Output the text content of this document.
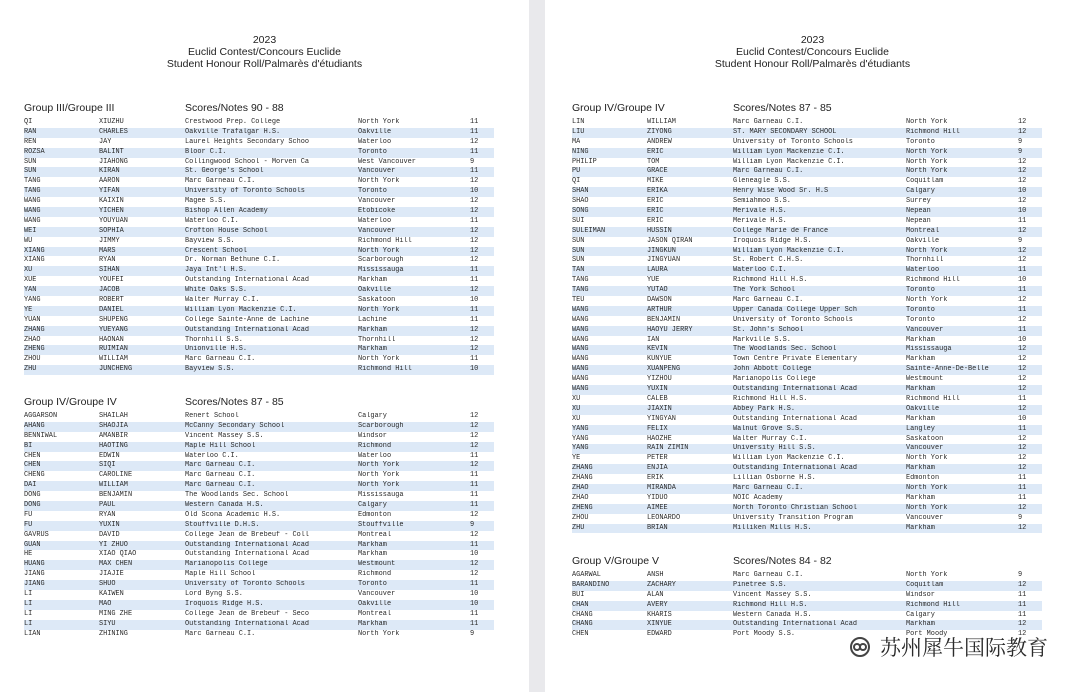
2023
Euclid Contest/Concours Euclide
Student Honour Roll/Palmarès d'étudiants
Group III/Groupe III	Scores/Notes 90 - 88
QI	XIUZHU	Crestwood Prep. College	North York	11
RAN	CHARLES	Oakville Trafalgar H.S.	Oakville	11
REN	JAY	Laurel Heights Secondary Schoo	Waterloo	12
ROZSA	BALINT	Bloor C.I.	Toronto	11
SUN	JIAHONG	Collingwood School - Morven Ca	West Vancouver	9
SUN	KIRAN	St. George's School	Vancouver	11
TANG	AARON	Marc Garneau C.I.	North York	12
TANG	YIFAN	University of Toronto Schools	Toronto	10
WANG	KAIXIN	Magee S.S.	Vancouver	12
WANG	YICHEN	Bishop Allen Academy	Etobicoke	12
WANG	YOUYUAN	Waterloo C.I.	Waterloo	11
WEI	SOPHIA	Crofton House School	Vancouver	12
WU	JIMMY	Bayview S.S.	Richmond Hill	12
XIANG	MARS	Crescent School	North York	12
XIANG	RYAN	Dr. Norman Bethune C.I.	Scarborough	12
XU	SIHAN	Jaya Int'l H.S.	Mississauga	11
XUE	YOUFEI	Outstanding International Acad	Markham	11
YAN	JACOB	White Oaks S.S.	Oakville	12
YANG	ROBERT	Walter Murray C.I.	Saskatoon	10
YE	DANIEL	William Lyon Mackenzie C.I.	North York	11
YUAN	SHUPENG	College Sainte-Anne de Lachine	Lachine	11
ZHANG	YUEYANG	Outstanding International Acad	Markham	12
ZHAO	HAONAN	Thornhill S.S.	Thornhill	12
ZHENG	RUIMIAN	Unionville H.S.	Markham	12
ZHOU	WILLIAM	Marc Garneau C.I.	North York	11
ZHU	JUNCHENG	Bayview S.S.	Richmond Hill	10
Group IV/Groupe IV	Scores/Notes 87 - 85
AGGARSON	SHAILAH	Renert School	Calgary	12
AHANG	SHAOJIA	McCanny Secondary School	Scarborough	12
BENNIWAL	AMANBIR	Vincent Massey S.S.	Windsor	12
BI	HAOTING	Maple Hill School	Richmond	12
CHEN	EDWIN	Waterloo C.I.	Waterloo	11
CHEN	SIQI	Marc Garneau C.I.	North York	12
CHENG	CAROLINE	Marc Garneau C.I.	North York	11
DAI	WILLIAM	Marc Garneau C.I.	North York	11
DONG	BENJAMIN	The Woodlands Sec. School	Mississauga	11
DONG	PAUL	Western Canada H.S.	Calgary	11
FU	RYAN	Old Scona Academic H.S.	Edmonton	12
FU	YUXIN	Stouffville D.H.S.	Stouffville	9
GAVRUS	DAVID	College Jean de Brebeuf - Coll	Montreal	12
GUAN	YI ZHUO	Outstanding International Acad	Markham	11
HE	XIAO QIAO	Outstanding International Acad	Markham	10
HUANG	MAX CHEN	Marianopolis College	Westmount	12
JIANG	JIAJIE	Maple Hill School	Richmond	12
JIANG	SHUO	University of Toronto Schools	Toronto	11
LI	KAIWEN	Lord Byng S.S.	Vancouver	10
LI	MAO	Iroquois Ridge H.S.	Oakville	10
LI	MING ZHE	College Jean de Brebeuf - Seco	Montreal	11
LI	SIYU	Outstanding International Acad	Markham	11
LIAN	ZHINING	Marc Garneau C.I.	North York	9
2023
Euclid Contest/Concours Euclide
Student Honour Roll/Palmarès d'étudiants
Group IV/Groupe IV	Scores/Notes 87 - 85
LIN	WILLIAM	Marc Garneau C.I.	North York	12
LIU	ZIYONG	ST. MARY SECONDARY SCHOOL	Richmond Hill	12
MA	ANDREW	University of Toronto Schools	Toronto	9
NING	ERIC	William Lyon Mackenzie C.I.	North York	9
PHILIP	TOM	William Lyon Mackenzie C.I.	North York	12
PU	GRACE	Marc Garneau C.I.	North York	12
QI	MIKE	Gleneagle S.S.	Coquitlam	12
SHAN	ERIKA	Henry Wise Wood Sr. H.S	Calgary	10
SHAO	ERIC	Semiahmoo S.S.	Surrey	12
SONG	ERIC	Merivale H.S.	Nepean	10
SUI	ERIC	Merivale H.S.	Nepean	11
SULEIMAN	HUSSIN	College Marie de France	Montreal	12
SUN	JASON QIRAN	Iroquois Ridge H.S.	Oakville	9
SUN	JINGKUN	William Lyon Mackenzie C.I.	North York	12
SUN	JINGYUAN	St. Robert C.H.S.	Thornhill	12
TAN	LAURA	Waterloo C.I.	Waterloo	11
TANG	YUE	Richmond Hill H.S.	Richmond Hill	10
TANG	YUTAO	The York School	Toronto	11
TEU	DAWSON	Marc Garneau C.I.	North York	12
WANG	ARTHUR	Upper Canada College Upper Sch	Toronto	11
WANG	BENJAMIN	University of Toronto Schools	Toronto	12
WANG	HAOYU JERRY	St. John's School	Vancouver	11
WANG	IAN	Markville S.S.	Markham	10
WANG	KEVIN	The Woodlands Sec. School	Mississauga	12
WANG	KUNYUE	Town Centre Private Elementary	Markham	12
WANG	XUANPENG	John Abbott College	Sainte-Anne-De-Belle	12
WANG	YIZHOU	Marianopolis College	Westmount	12
WANG	YUXIN	Outstanding International Acad	Markham	12
XU	CALEB	Richmond Hill H.S.	Richmond Hill	11
XU	JIAXIN	Abbey Park H.S.	Oakville	12
XU	YINGYAN	Outstanding International Acad	Markham	10
YANG	FELIX	Walnut Grove S.S.	Langley	11
YANG	HAOZHE	Walter Murray C.I.	Saskatoon	12
YANG	RAIN ZIMIN	University Hill S.S.	Vancouver	12
YE	PETER	William Lyon Mackenzie C.I.	North York	12
ZHANG	ENJIA	Outstanding International Acad	Markham	12
ZHANG	ERIK	Lillian Osborne H.S.	Edmonton	11
ZHAO	MIRANDA	Marc Garneau C.I.	North York	11
ZHAO	YIDUO	NOIC Academy	Markham	11
ZHENG	AIMEE	North Toronto Christian School	North York	12
ZHOU	LEONARDO	University Transition Program	Vancouver	9
ZHU	BRIAN	Milliken Mills H.S.	Markham	12
Group V/Groupe V	Scores/Notes 84 - 82
AGARWAL	ANSH	Marc Garneau C.I.	North York	9
BARANDINO	ZACHARY	Pinetree S.S.	Coquitlam	12
BUI	ALAN	Vincent Massey S.S.	Windsor	11
CHAN	AVERY	Richmond Hill H.S.	Richmond Hill	11
CHANG	KHARIS	Western Canada H.S.	Calgary	11
CHANG	XINYUE	Outstanding International Acad	Markham	12
CHEN	EDWARD	Port Moody S.S.	Port Moody	12
苏州犀牛国际教育
